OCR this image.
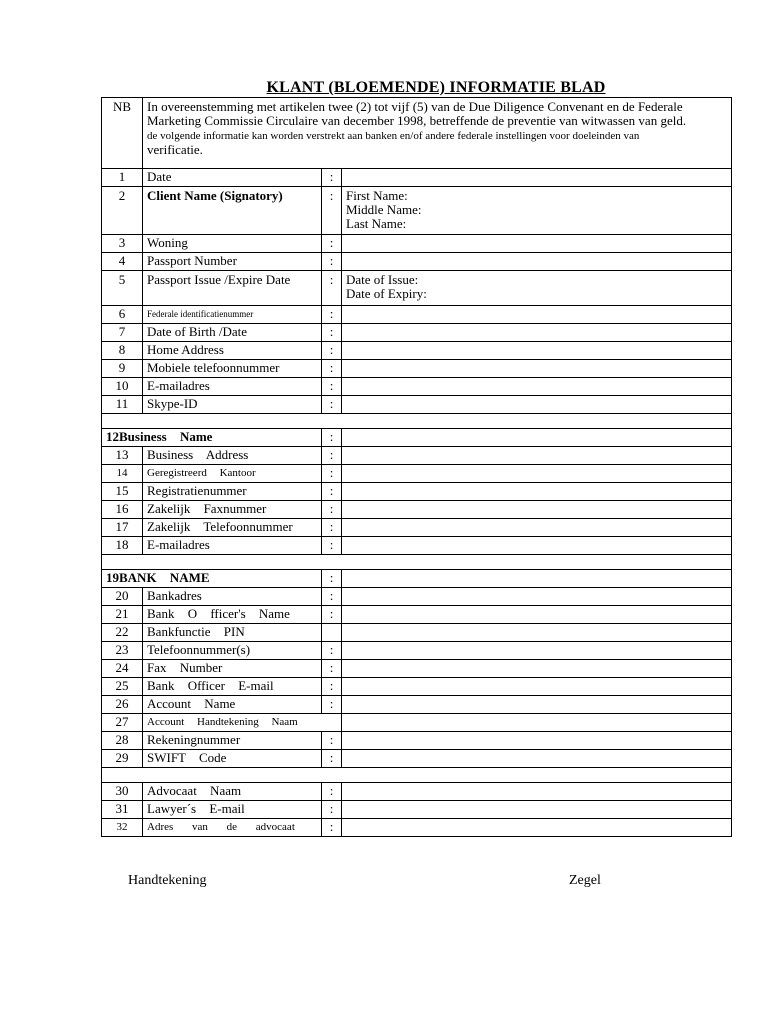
KLANT (BLOEMENDE) INFORMATIE BLAD
NB	In overeenstemming met artikelen twee (2) tot vijf (5) van de Due Diligence Convenant en de Federale Marketing Commissie Circulaire van december 1998, betreffende de preventie van witwassen van geld.
de volgende informatie kan worden verstrekt aan banken en/of andere federale instellingen voor doeleinden van
verificatie.		
1	Date	:	
2	Client Name (Signatory)	:	First Name:
Middle Name:
Last Name:

3	Woning	:	
4	Passport Number	:	
5	Passport Issue /Expire Date	:	Date of Issue:
Date of Expiry:

6	Federale identificatienummer	:	
7	Date of Birth /Date	:	
8	Home Address	:	
9	Mobiele telefoonnummer	:	
10	E-mailadres	:	
11	Skype-ID	:	

12Business Name		:	
13	Business Address	:	
14	Geregistreerd Kantoor	:	
15	Registratienummer	:	
16	Zakelijk Faxnummer	:	
17	Zakelijk Telefoonnummer	:	
18	E-mailadres	:	

19BANK NAME		:	
20	Bankadres	:	
21	Bank O fficer's Name	:	
22	Bankfunctie PIN		
23	Telefoonnummer(s)	:	
24	Fax Number	:	
25	Bank Officer E-mail	:	
26	Account Name	:	
27	Account Handtekening Naam		
28	Rekeningnummer	:	
29	SWIFT Code	:	

30	Advocaat Naam	:	
31	Lawyer´s E-mail	:	
32	Adres van de advocaat	:	
Handtekening	Zegel
